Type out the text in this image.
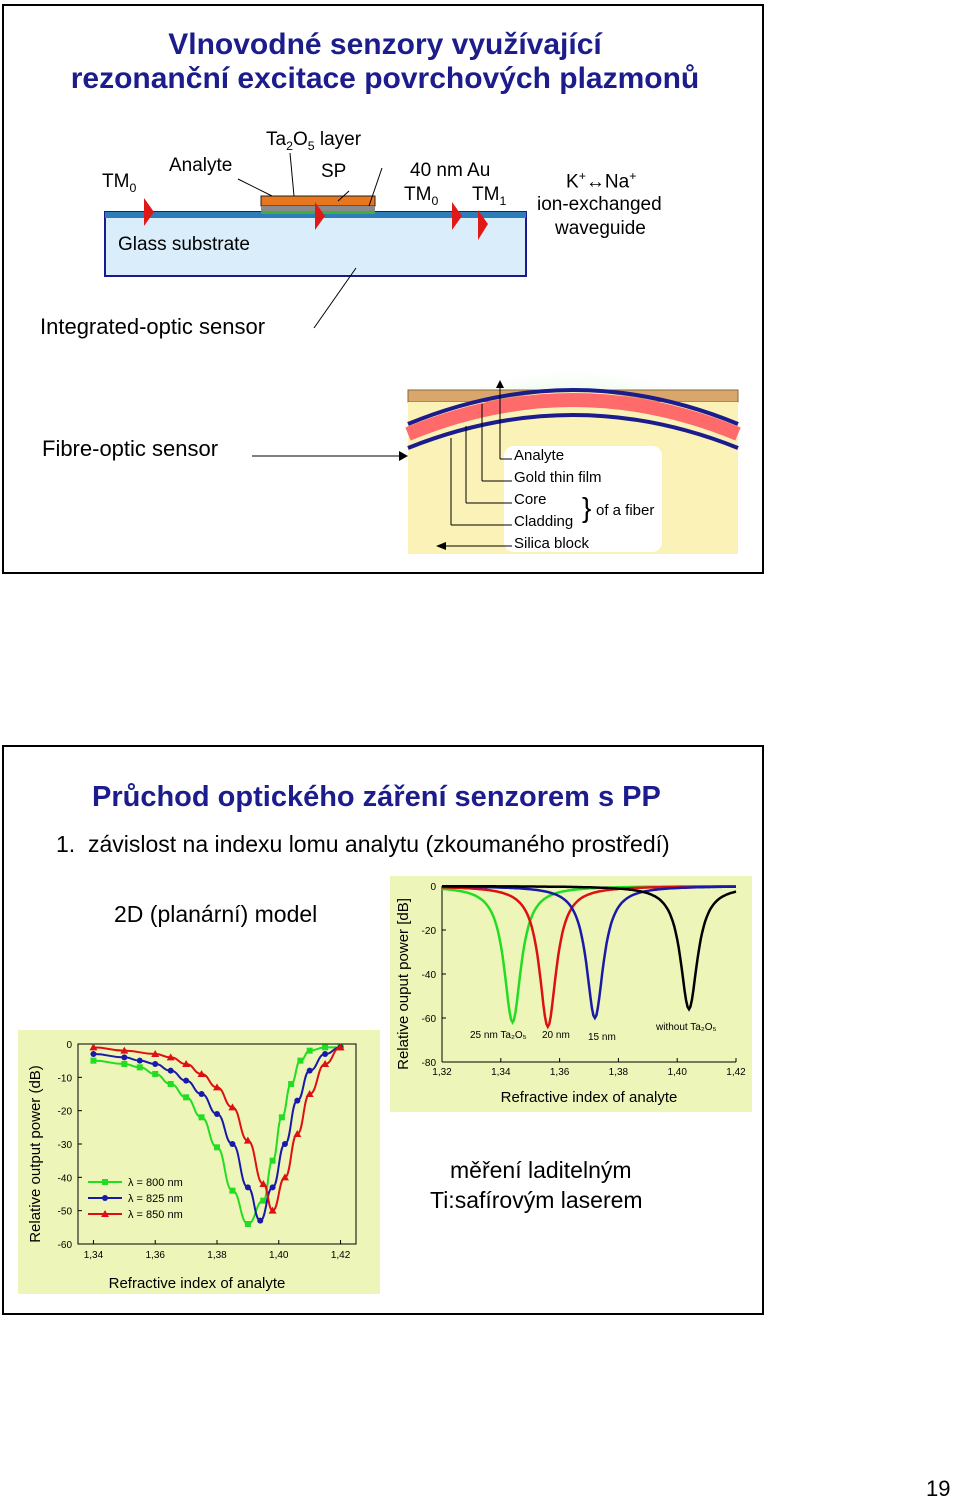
Vlnovodné senzory využívající
rezonanční excitace povrchových plazmonů
$TM_0$
Analyte
$Ta_2O_5$ layer
SP	40 nm Au
$TM_0$ $TM_1$
K+↔Na+
ion-exchanged
waveguide
Glass substrate
Integrated-optic sensor
Fibre-optic sensor	Analyte
Gold thin film
Core
Cladding } of a fiber
Silica block
Průchod optického záření senzorem s PP
1. závislost na indexu lomu analytu (zkoumaného prostředí)
2D (planární) model
měření laditelným
Ti:safírovým laserem
1,34	1,36	1,38	1,40	1,42
0
-10
-20
-30
-40
-50
-60
Refractive index of analyte
Relative output power (dB)	λ = 800 nm
λ = 825 nm
λ = 850 nm
1,32	1,34	1,36	1,38	1,40	1,42
0
-20
-40
-60
-80
Refractive index of analyte
Relative ouput power [dB]	25 nm Ta₂O₅ 20 nm 15 nm
without Ta₂O₅
19
